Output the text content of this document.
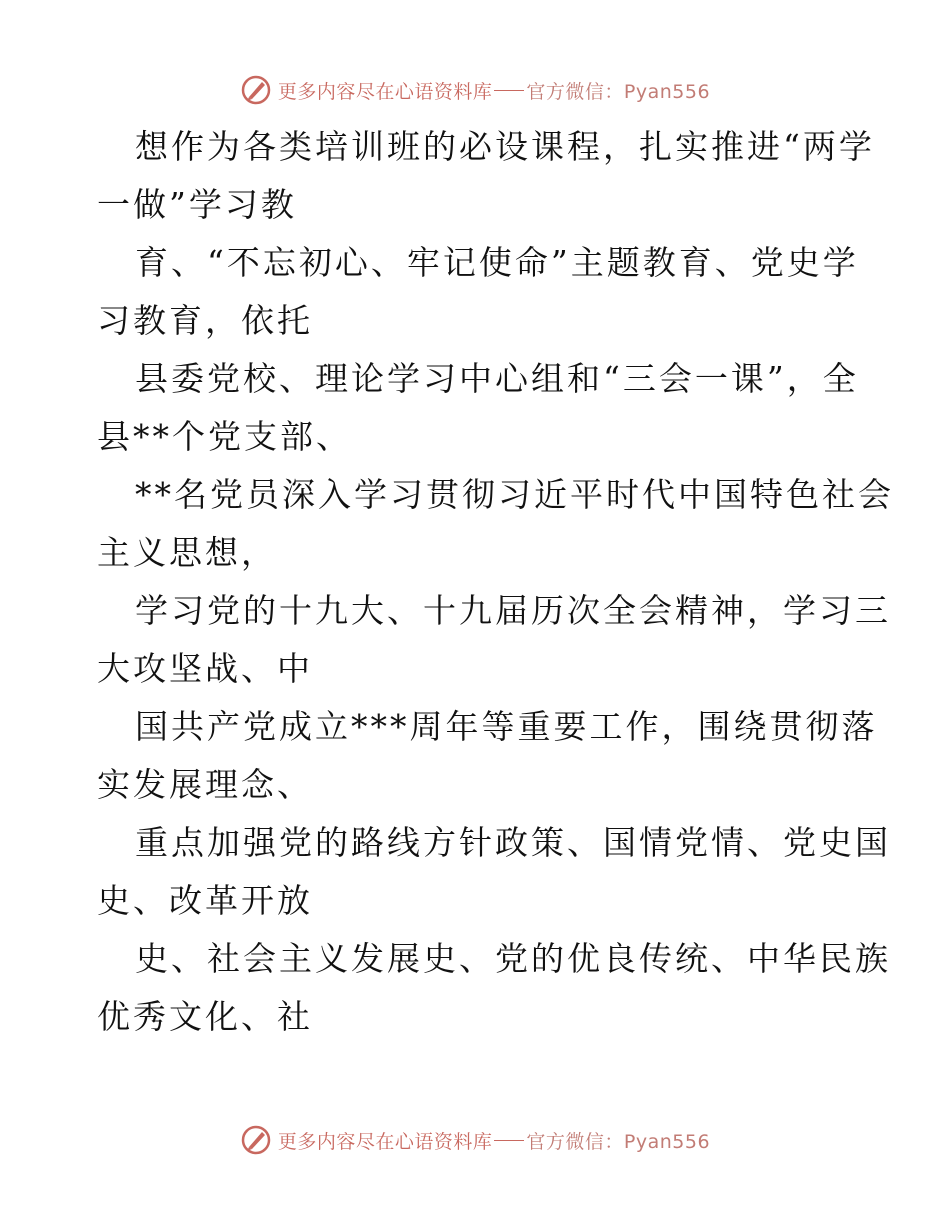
更多内容尽在心语资料库 官方微信：Pyan556

想作为各类培训班的必设课程，扎实推进“两学
一做”学习教

育、“不忘初心、牢记使命”主题教育、党史学
习教育，依托

县委党校、理论学习中心组和“三会一课”，全
县**个党支部、

**名党员深入学习贯彻习近平时代中国特色社会
主义思想，

学习党的十九大、十九届历次全会精神，学习三
大攻坚战、中

国共产党成立***周年等重要工作，围绕贯彻落
实发展理念、

重点加强党的路线方针政策、国情党情、党史国
史、改革开放

史、社会主义发展史、党的优良传统、中华民族
优秀文化、社

更多内容尽在心语资料库 官方微信：Pyan556
